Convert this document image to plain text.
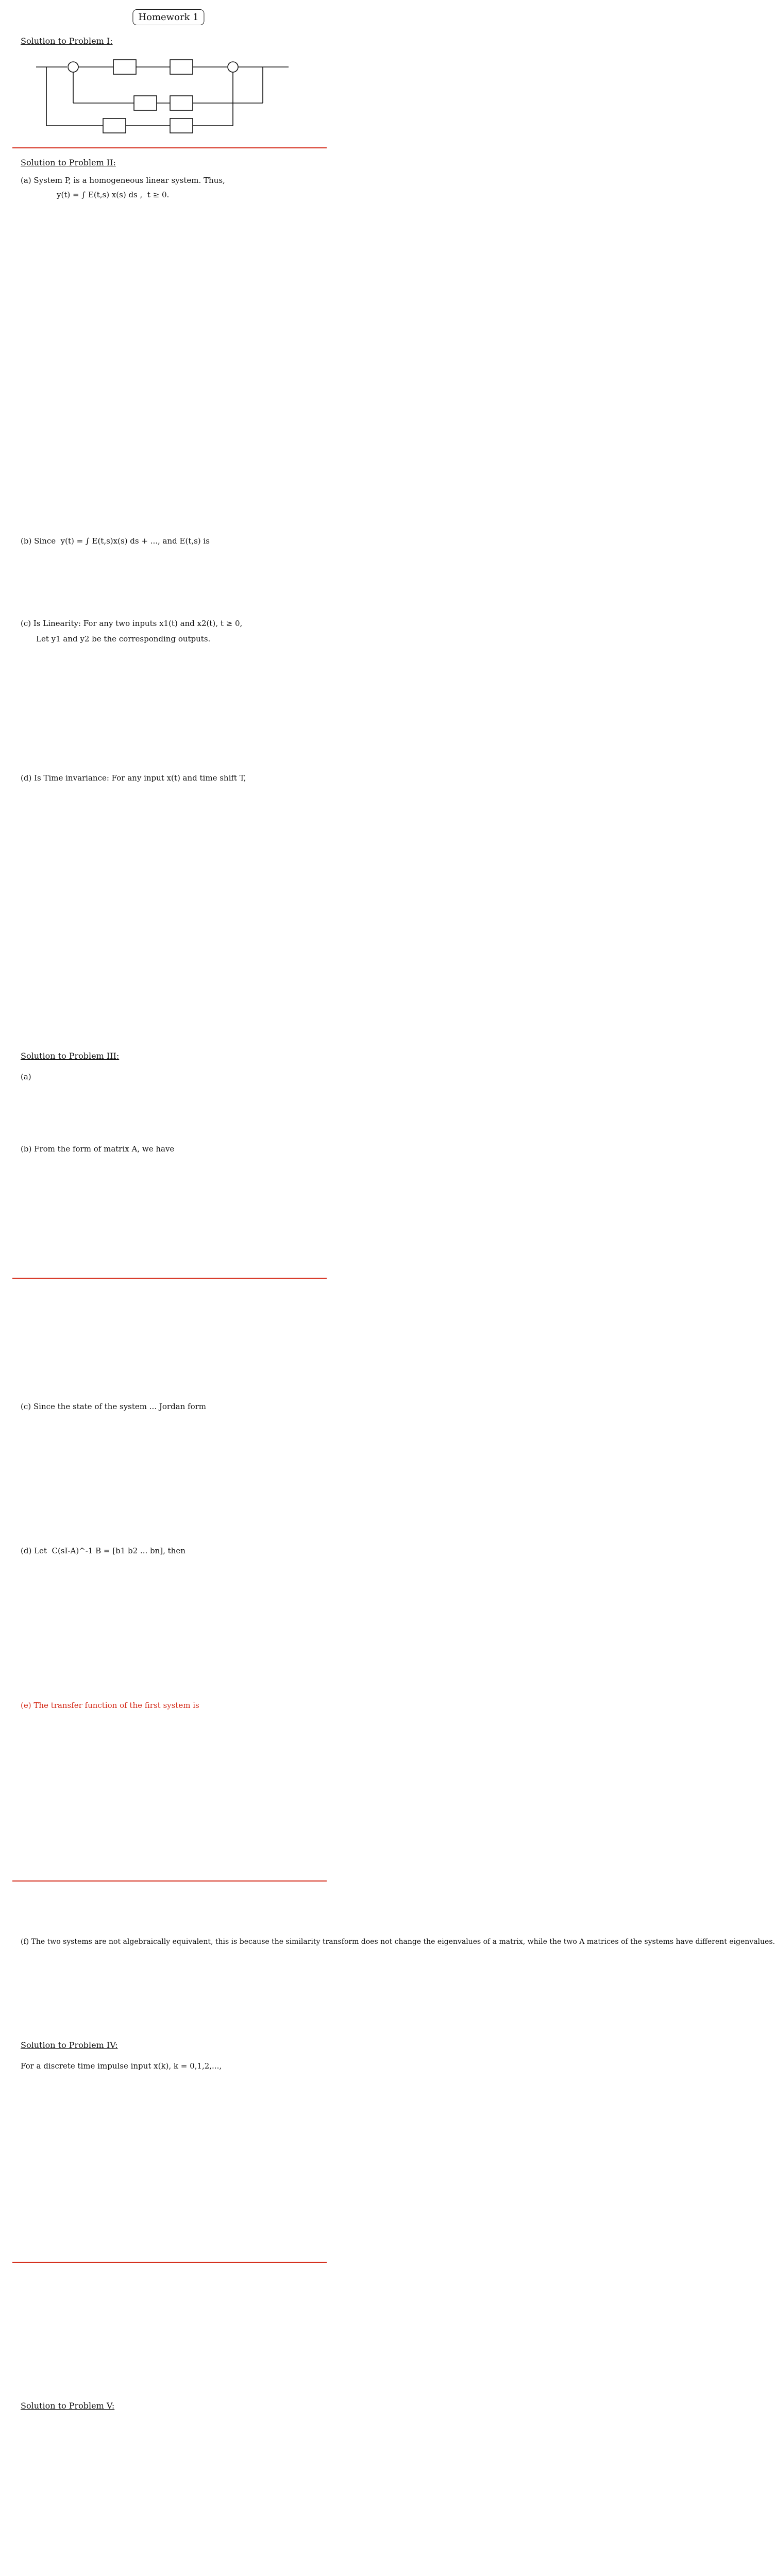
Homework 1
Solution to Problem I:
Solution to Problem II:
(a) System P, is a homogeneous linear system. Thus,
y(t) = ∫ E(t,s) x(s) ds ,  t ≥ 0.
(b) Since  y(t) = ∫ E(t,s)x(s) ds + ..., and E(t,s) is
(c) Is Linearity: For any two inputs x1(t) and x2(t), t ≥ 0,
Let y1 and y2 be the corresponding outputs.
(d) Is Time invariance: For any input x(t) and time shift T,
Solution to Problem III:
(a)
(b) From the form of matrix A, we have
(c) Since the state of the system ... Jordan form
(d) Let  C(sI-A)^-1 B = [b1 b2 ... bn], then
(e) The transfer function of the first system is
(f) The two systems are not algebraically equivalent, this is because the similarity transform does not change the eigenvalues of a matrix, while the two A matrices of the systems have different eigenvalues.
Solution to Problem IV:
For a discrete time impulse input x(k), k = 0,1,2,...,
Solution to Problem V:
